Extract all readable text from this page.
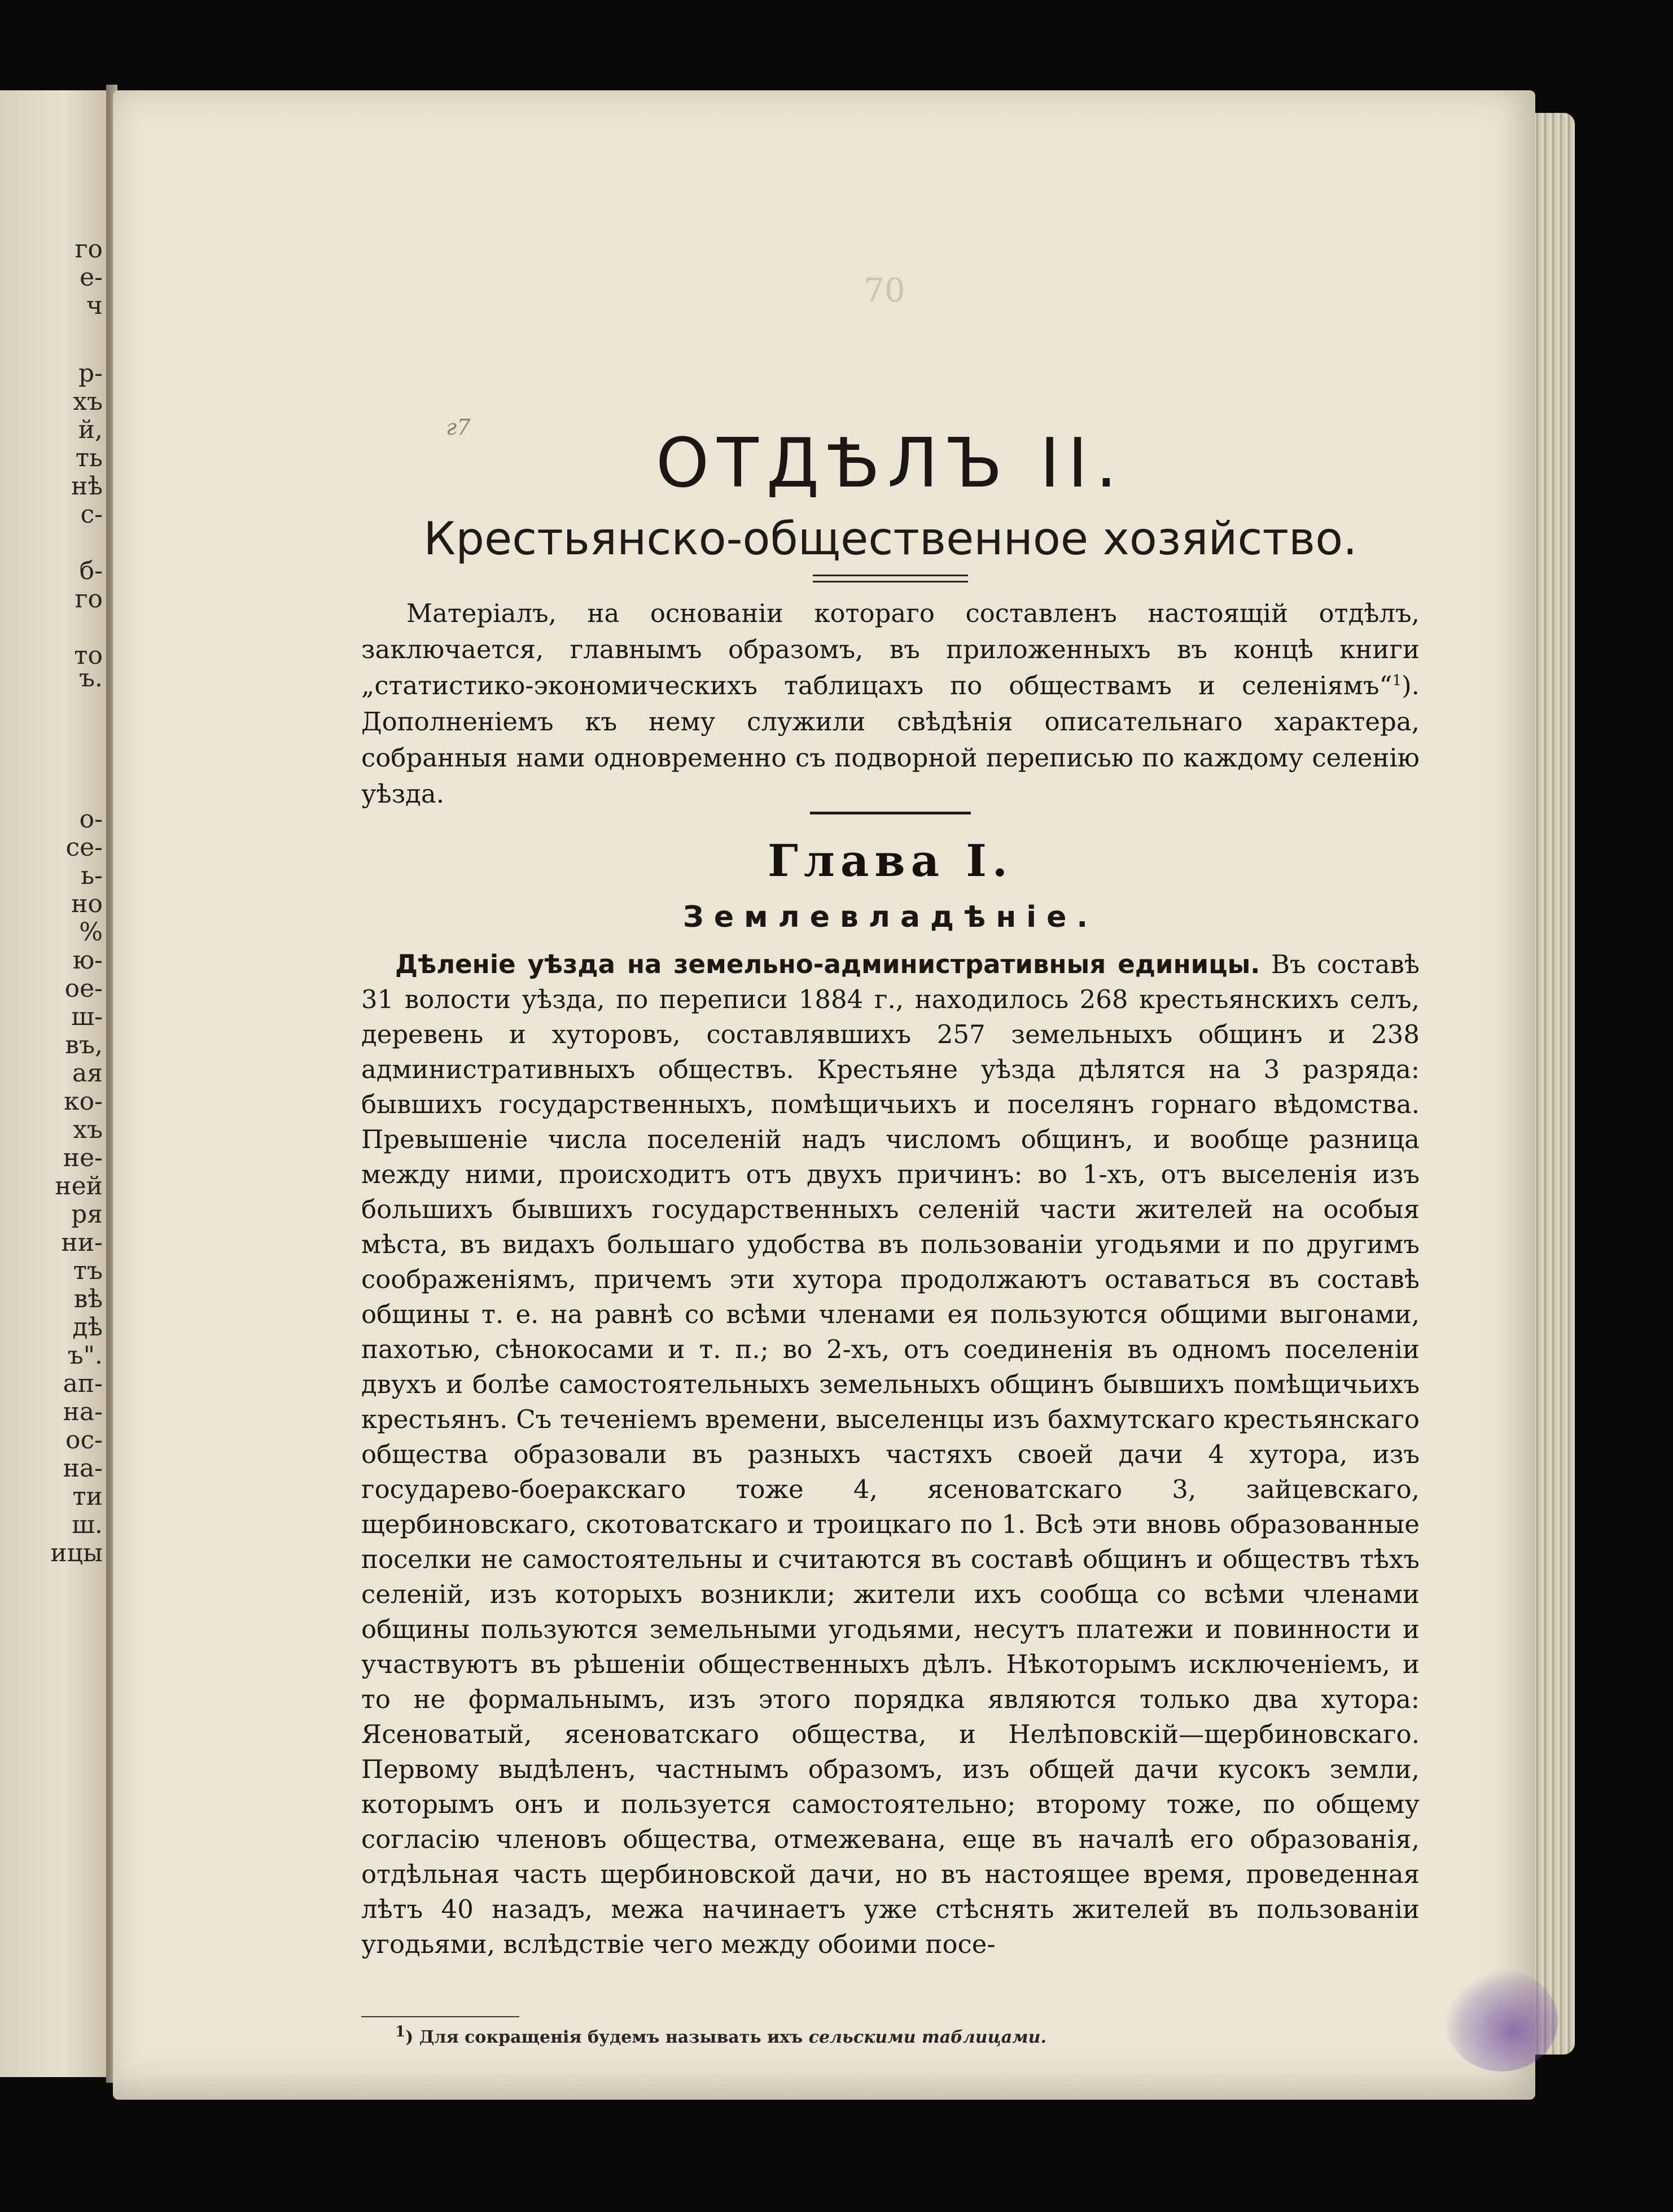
го
е-
ч
р-
хъ
й,
ть
нѣ
с-
б-
го
то
ъ.
о-
се-
ь-
но
%
ю-
ое-
ш-
въ,
ая
ко-
хъ
не-
ней
ря
ни-
тъ
вѣ
дѣ
ъ".
ап-
на-
ос-
на-
ти
ш.
ицы
70
г7	ОТДѢЛЪ II.
Крестьянско-общественное хозяйство.

Матеріалъ, на основаніи котораго составленъ настоящій отдѣлъ, заключается, главнымъ образомъ, въ приложенныхъ въ концѣ книги „статистико-экономическихъ таблицахъ по обществамъ и селеніямъ“$^1$). Дополненіемъ къ нему служили свѣдѣнія описательнаго характера, собранныя нами одновременно съ подворной переписью по каждому селенію уѣзда.

Глава I.
Землевладѣніе.

Дѣленіе уѣзда на земельно-административныя единицы. Въ составѣ 31 волости уѣзда, по переписи 1884 г., находилось 268 крестьянскихъ селъ, деревень и хуторовъ, составлявшихъ 257 земельныхъ общинъ и 238 административныхъ обществъ. Крестьяне уѣзда дѣлятся на 3 разряда: бывшихъ государственныхъ, помѣщичьихъ и поселянъ горнаго вѣдомства. Превышеніе числа поселеній надъ числомъ общинъ, и вообще разница между ними, происходитъ отъ двухъ причинъ: во 1-хъ, отъ выселенія изъ большихъ бывшихъ государственныхъ селеній части жителей на особыя мѣста, въ видахъ большаго удобства въ пользованіи угодьями и по другимъ соображеніямъ, причемъ эти хутора продолжаютъ оставаться въ составѣ общины т. е. на равнѣ со всѣми членами ея пользуются общими выгонами, пахотью, сѣнокосами и т. п.; во 2-хъ, отъ соединенія въ одномъ поселеніи двухъ и болѣе самостоятельныхъ земельныхъ общинъ бывшихъ помѣщичьихъ крестьянъ. Съ теченіемъ времени, выселенцы изъ бахмутскаго крестьянскаго общества образовали въ разныхъ частяхъ своей дачи 4 хутора, изъ государево-боеракскаго тоже 4, ясеноватскаго 3, зайцевскаго, щербиновскаго, скотоватскаго и троицкаго по 1. Всѣ эти вновь образованные поселки не самостоятельны и считаются въ составѣ общинъ и обществъ тѣхъ селеній, изъ которыхъ возникли; жители ихъ сообща со всѣми членами общины пользуются земельными угодьями, несутъ платежи и повинности и участвуютъ въ рѣшеніи общественныхъ дѣлъ. Нѣкоторымъ исключеніемъ, и то не формальнымъ, изъ этого порядка являются только два хутора: Ясеноватый, ясеноватскаго общества, и Нелѣповскій—щербиновскаго. Первому выдѣленъ, частнымъ образомъ, изъ общей дачи кусокъ земли, которымъ онъ и пользуется самостоятельно; второму тоже, по общему согласію членовъ общества, отмежевана, еще въ началѣ его образованія, отдѣльная часть щербиновской дачи, но въ настоящее время, проведенная лѣтъ 40 назадъ, межа начинаетъ уже стѣснять жителей въ пользованіи угодьями, вслѣдствіе чего между обоими посе-

$^1$) Для сокращенія будемъ называть ихъ сельскими таблицами.
